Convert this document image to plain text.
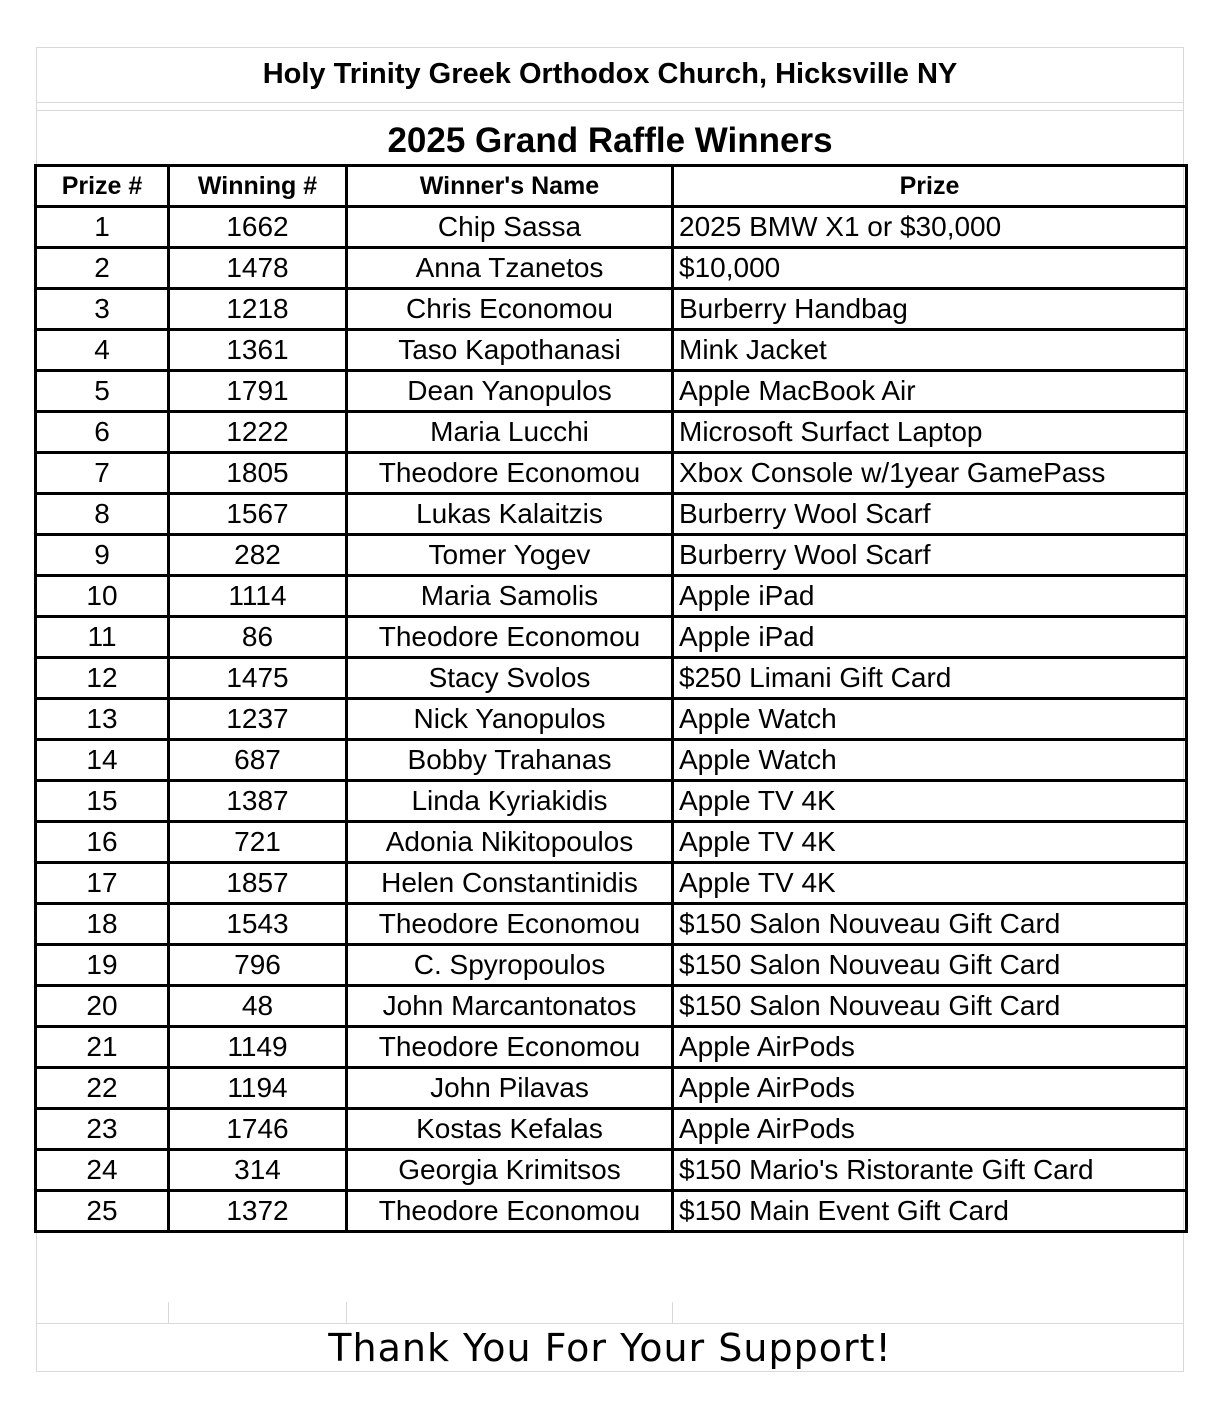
Holy Trinity Greek Orthodox Church, Hicksville NY
2025 Grand Raffle Winners
Prize #	Winning #	Winner's Name	Prize
1	1662	Chip Sassa	2025 BMW X1 or $30,000
2	1478	Anna Tzanetos	$10,000
3	1218	Chris Economou	Burberry Handbag
4	1361	Taso Kapothanasi	Mink Jacket
5	1791	Dean Yanopulos	Apple MacBook Air
6	1222	Maria Lucchi	Microsoft Surfact Laptop
7	1805	Theodore Economou	Xbox Console w/1year GamePass
8	1567	Lukas Kalaitzis	Burberry Wool Scarf
9	282	Tomer Yogev	Burberry Wool Scarf
10	1114	Maria Samolis	Apple iPad
11	86	Theodore Economou	Apple iPad
12	1475	Stacy Svolos	$250 Limani Gift Card
13	1237	Nick Yanopulos	Apple Watch
14	687	Bobby Trahanas	Apple Watch
15	1387	Linda Kyriakidis	Apple TV 4K
16	721	Adonia Nikitopoulos	Apple TV 4K
17	1857	Helen Constantinidis	Apple TV 4K
18	1543	Theodore Economou	$150 Salon Nouveau Gift Card
19	796	C. Spyropoulos	$150 Salon Nouveau Gift Card
20	48	John Marcantonatos	$150 Salon Nouveau Gift Card
21	1149	Theodore Economou	Apple AirPods
22	1194	John Pilavas	Apple AirPods
23	1746	Kostas Kefalas	Apple AirPods
24	314	Georgia Krimitsos	$150 Mario's Ristorante Gift Card
25	1372	Theodore Economou	$150 Main Event Gift Card
Thank You For Your Support!
